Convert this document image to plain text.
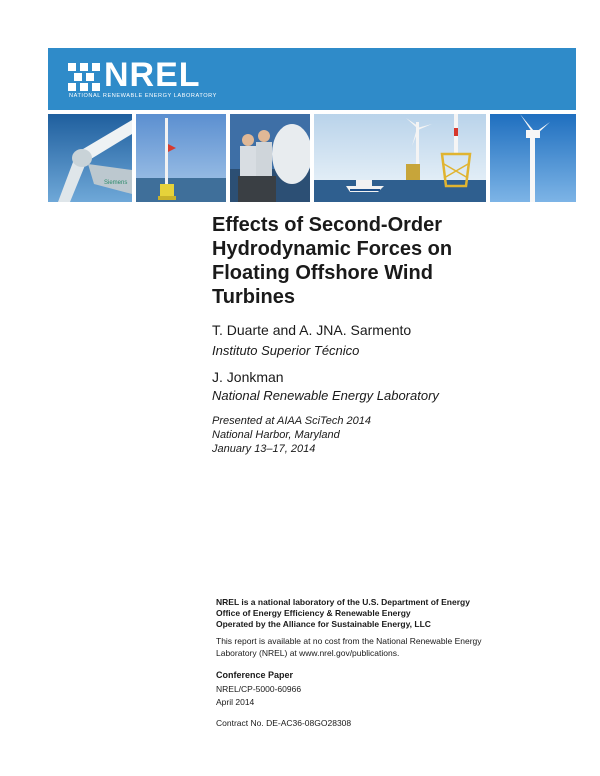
NREL
NATIONAL RENEWABLE ENERGY LABORATORY
Siemens
Effects of Second-Order Hydrodynamic Forces on Floating Offshore Wind Turbines
T. Duarte and A. JNA. Sarmento
Instituto Superior Técnico
J. Jonkman
National Renewable Energy Laboratory
Presented at AIAA SciTech 2014
National Harbor, Maryland
January 13–17, 2014
NREL is a national laboratory of the U.S. Department of Energy
Office of Energy Efficiency & Renewable Energy
Operated by the Alliance for Sustainable Energy, LLC
This report is available at no cost from the National Renewable Energy
Laboratory (NREL) at www.nrel.gov/publications.
Conference Paper
NREL/CP-5000-60966
April 2014
Contract No. DE-AC36-08GO28308
